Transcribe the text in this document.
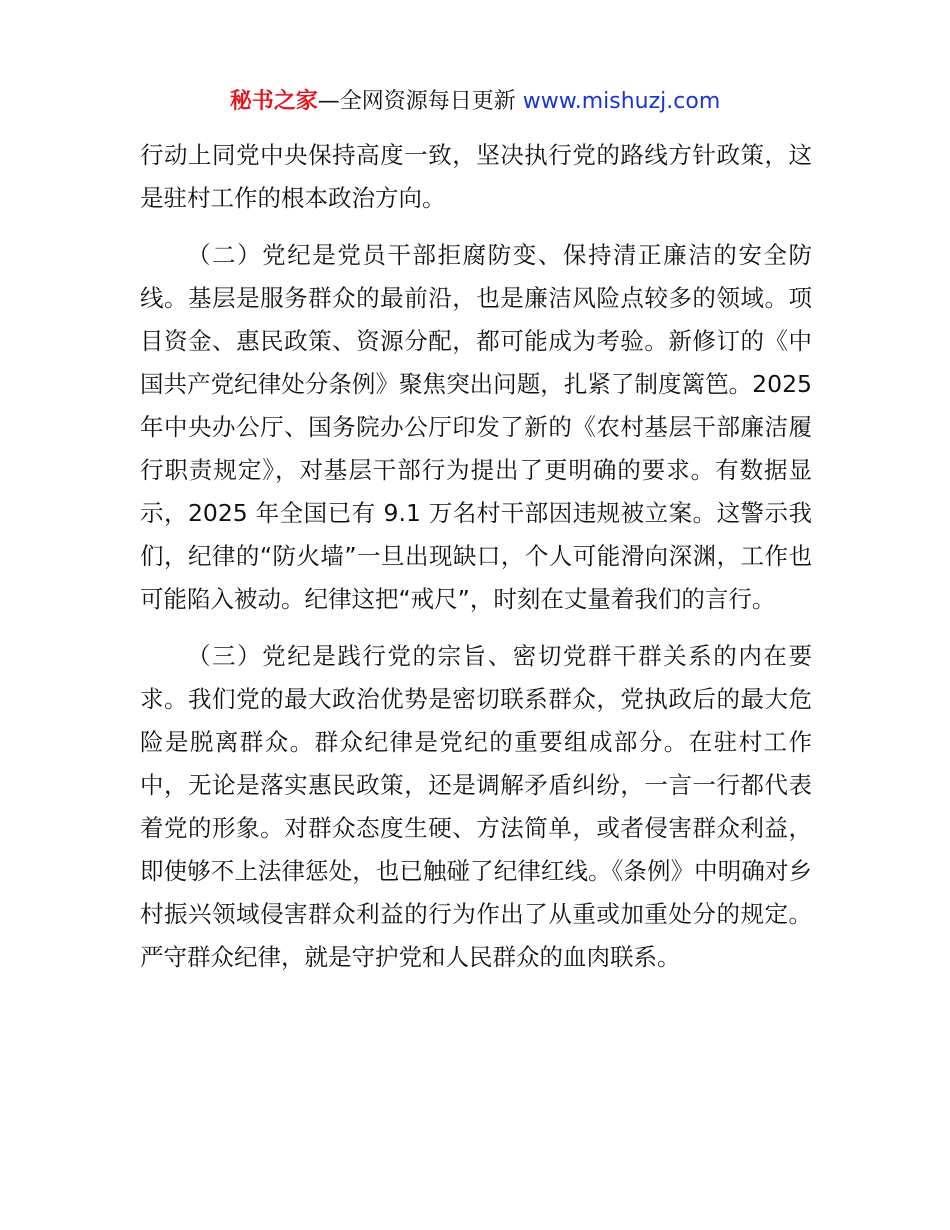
秘书之家—全网资源每日更新 www.mishuzj.com

行动上同党中央保持高度一致，坚决执行党的路线方针政策，这是驻村工作的根本政治方向。

（二）党纪是党员干部拒腐防变、保持清正廉洁的安全防线。基层是服务群众的最前沿，也是廉洁风险点较多的领域。项目资金、惠民政策、资源分配，都可能成为考验。新修订的《中国共产党纪律处分条例》聚焦突出问题，扎紧了制度篱笆。2025 年中央办公厅、国务院办公厅印发了新的《农村基层干部廉洁履行职责规定》，对基层干部行为提出了更明确的要求。有数据显示，2025 年全国已有 9.1 万名村干部因违规被立案。这警示我们，纪律的“防火墙”一旦出现缺口，个人可能滑向深渊，工作也可能陷入被动。纪律这把“戒尺”，时刻在丈量着我们的言行。

（三）党纪是践行党的宗旨、密切党群干群关系的内在要求。我们党的最大政治优势是密切联系群众，党执政后的最大危险是脱离群众。群众纪律是党纪的重要组成部分。在驻村工作中，无论是落实惠民政策，还是调解矛盾纠纷，一言一行都代表着党的形象。对群众态度生硬、方法简单，或者侵害群众利益，即使够不上法律惩处，也已触碰了纪律红线。《条例》中明确对乡村振兴领域侵害群众利益的行为作出了从重或加重处分的规定。严守群众纪律，就是守护党和人民群众的血肉联系。
